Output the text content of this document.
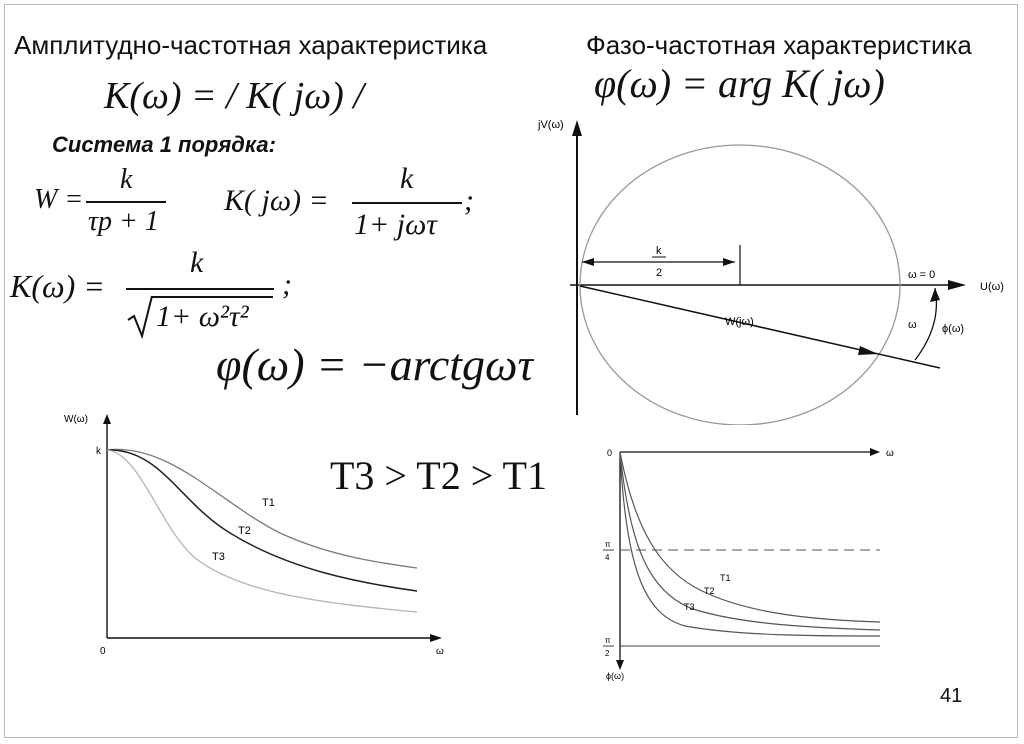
Амплитудно-частотная характеристика	Фазо-частотная характеристика
K(ω) = / K( jω) /	φ(ω) = arg K( jω)
Система 1 порядка:
W =
k
τp + 1
K( jω) =
k
1+ jωτ
;
K(ω) =
k
1+ ω²τ²
;
φ(ω) = −arctgωτ
T3 > T2 > T1
41
jV(ω)
U(ω)
k
2	ω = 0
W(jω)	ω ϕ(ω)
W(ω)
k
0	ω
T1
T2
T3
0	ω
ϕ(ω)
π
4
π
2
T1
T2
T3
